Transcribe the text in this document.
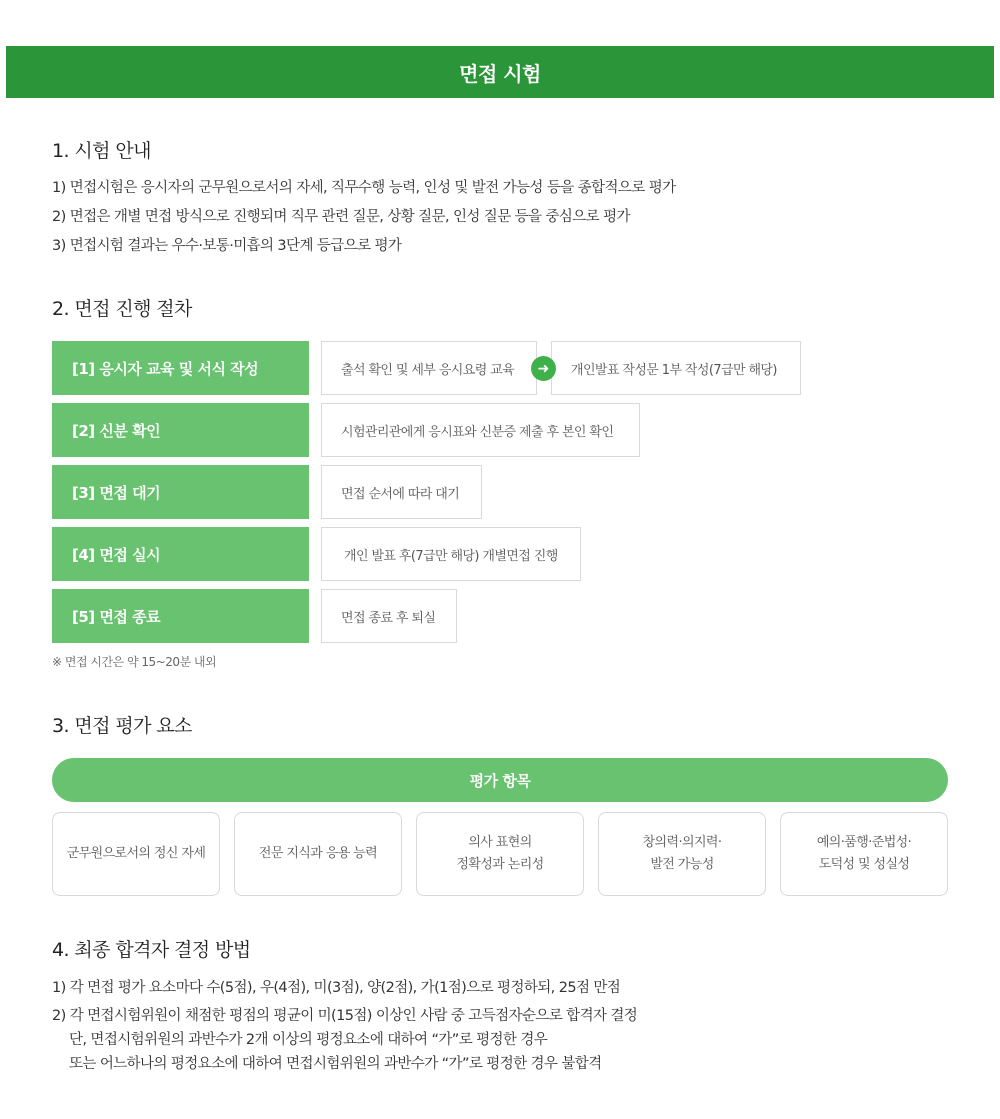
면접 시험
1. 시험 안내
1) 면접시험은 응시자의 군무원으로서의 자세, 직무수행 능력, 인성 및 발전 가능성 등을 종합적으로 평가
2) 면접은 개별 면접 방식으로 진행되며 직무 관련 질문, 상황 질문, 인성 질문 등을 중심으로 평가
3) 면접시험 결과는 우수·보통·미흡의 3단계 등급으로 평가
2. 면접 진행 절차
[1] 응시자 교육 및 서식 작성	출석 확인 및 세부 응시요령 교육	➜	개인발표 작성문 1부 작성(7급만 해당)
[2] 신분 확인	시험관리관에게 응시표와 신분증 제출 후 본인 확인
[3] 면접 대기	면접 순서에 따라 대기
[4] 면접 실시	개인 발표 후(7급만 해당) 개별면접 진행
[5] 면접 종료	면접 종료 후 퇴실
※ 면접 시간은 약 15~20분 내외
3. 면접 평가 요소
평가 항목
군무원으로서의 정신 자세	전문 지식과 응용 능력
의사 표현의
정확성과 논리성
창의력·의지력·
발전 가능성
예의·품행·준법성·
도덕성 및 성실성
4. 최종 합격자 결정 방법
1) 각 면접 평가 요소마다 수(5점), 우(4점), 미(3점), 양(2점), 가(1점)으로 평정하되, 25점 만점
2) 각 면접시험위원이 채점한 평점의 평균이 미(15점) 이상인 사람 중 고득점자순으로 합격자 결정
단, 면접시험위원의 과반수가 2개 이상의 평정요소에 대하여 “가”로 평정한 경우
또는 어느하나의 평정요소에 대하여 면접시험위원의 과반수가 “가”로 평정한 경우 불합격
